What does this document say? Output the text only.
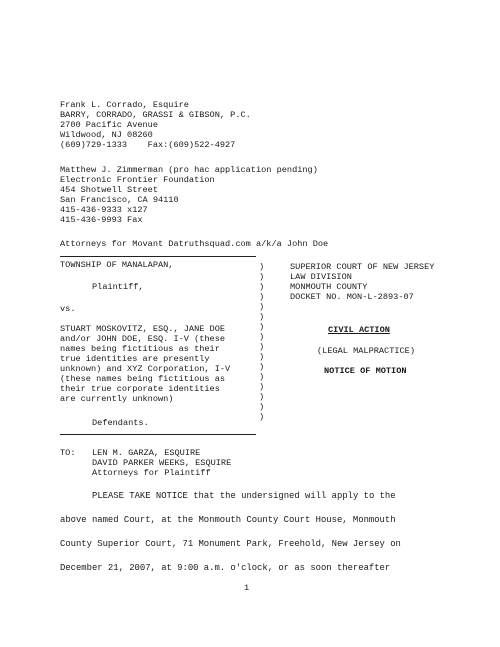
Frank L. Corrado, Esquire
BARRY, CORRADO, GRASSI & GIBSON, P.C.
2700 Pacific Avenue
Wildwood, NJ 08260
(609)729-1333    Fax:(609)522-4927
Matthew J. Zimmerman (pro hac application pending)
Electronic Frontier Foundation
454 Shotwell Street
San Francisco, CA 94110
415-436-9333 x127
415-436-9993 Fax
Attorneys for Movant Datruthsquad.com a/k/a John Doe
TOWNSHIP OF MANALAPAN,
Plaintiff,
vs.
STUART MOSKOVITZ, ESQ., JANE DOE
and/or JOHN DOE, ESQ. I-V (these
names being fictitious as their
true identities are presently
unknown) and XYZ Corporation, I-V
(these names being fictitious as
their true corporate identities
are currently unknown)
Defendants.
)
)
)
)
)
)
)
)
)
)
)
)
)
)
)
)
SUPERIOR COURT OF NEW JERSEY
LAW DIVISION
MONMOUTH COUNTY
DOCKET NO. MON-L-2893-07
CIVIL ACTION
(LEGAL MALPRACTICE)
NOTICE OF MOTION
TO: LEN M. GARZA, ESQUIRE
DAVID PARKER WEEKS, ESQUIRE
Attorneys for Plaintiff
PLEASE TAKE NOTICE that the undersigned will apply to the
above named Court, at the Monmouth County Court House, Monmouth
County Superior Court, 71 Monument Park, Freehold, New Jersey on
December 21, 2007, at 9:00 a.m. o'clock, or as soon thereafter
1
